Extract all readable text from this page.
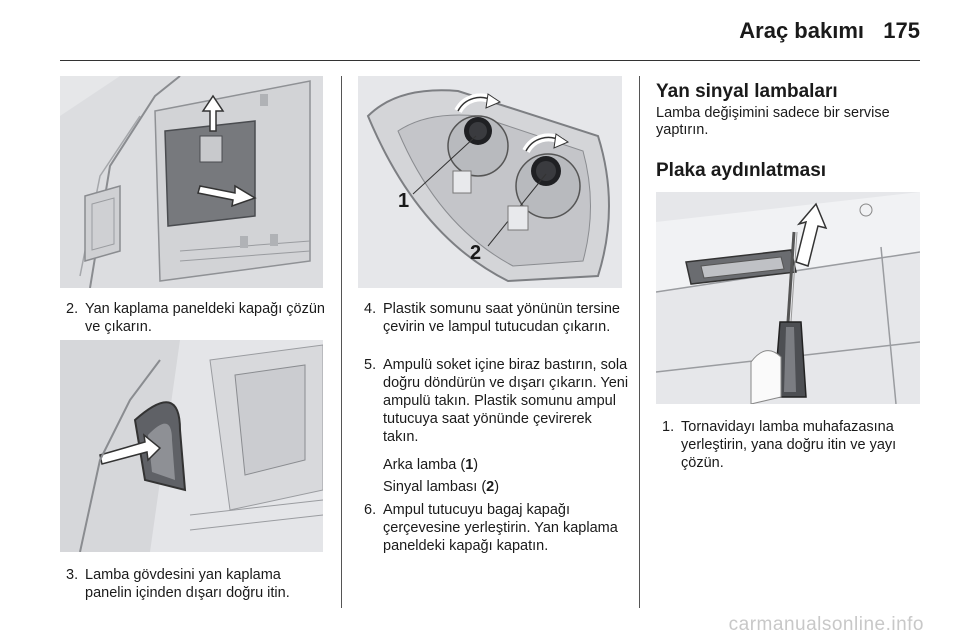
Araç bakımı 175
2. Yan kaplama paneldeki kapağı çözün ve çıkarın.
3. Lamba gövdesini yan kaplama panelin içinden dışarı doğru itin.
1
2
4. Plastik somunu saat yönünün tersine çevirin ve lampul tutucudan çıkarın.
5. Ampulü soket içine biraz bastırın, sola doğru döndürün ve dışarı çıkarın. Yeni ampulü takın. Plastik somunu ampul tutucuya saat yönünde çevirerek takın.
Arka lamba (1)
Sinyal lambası (2)
6. Ampul tutucuyu bagaj kapağı çerçevesine yerleştirin. Yan kaplama paneldeki kapağı kapatın.
Yan sinyal lambaları
Lamba değişimini sadece bir servise yaptırın.
Plaka aydınlatması
1. Tornavidayı lamba muhafazasına yerleştirin, yana doğru itin ve yayı çözün.
carmanualsonline.info
